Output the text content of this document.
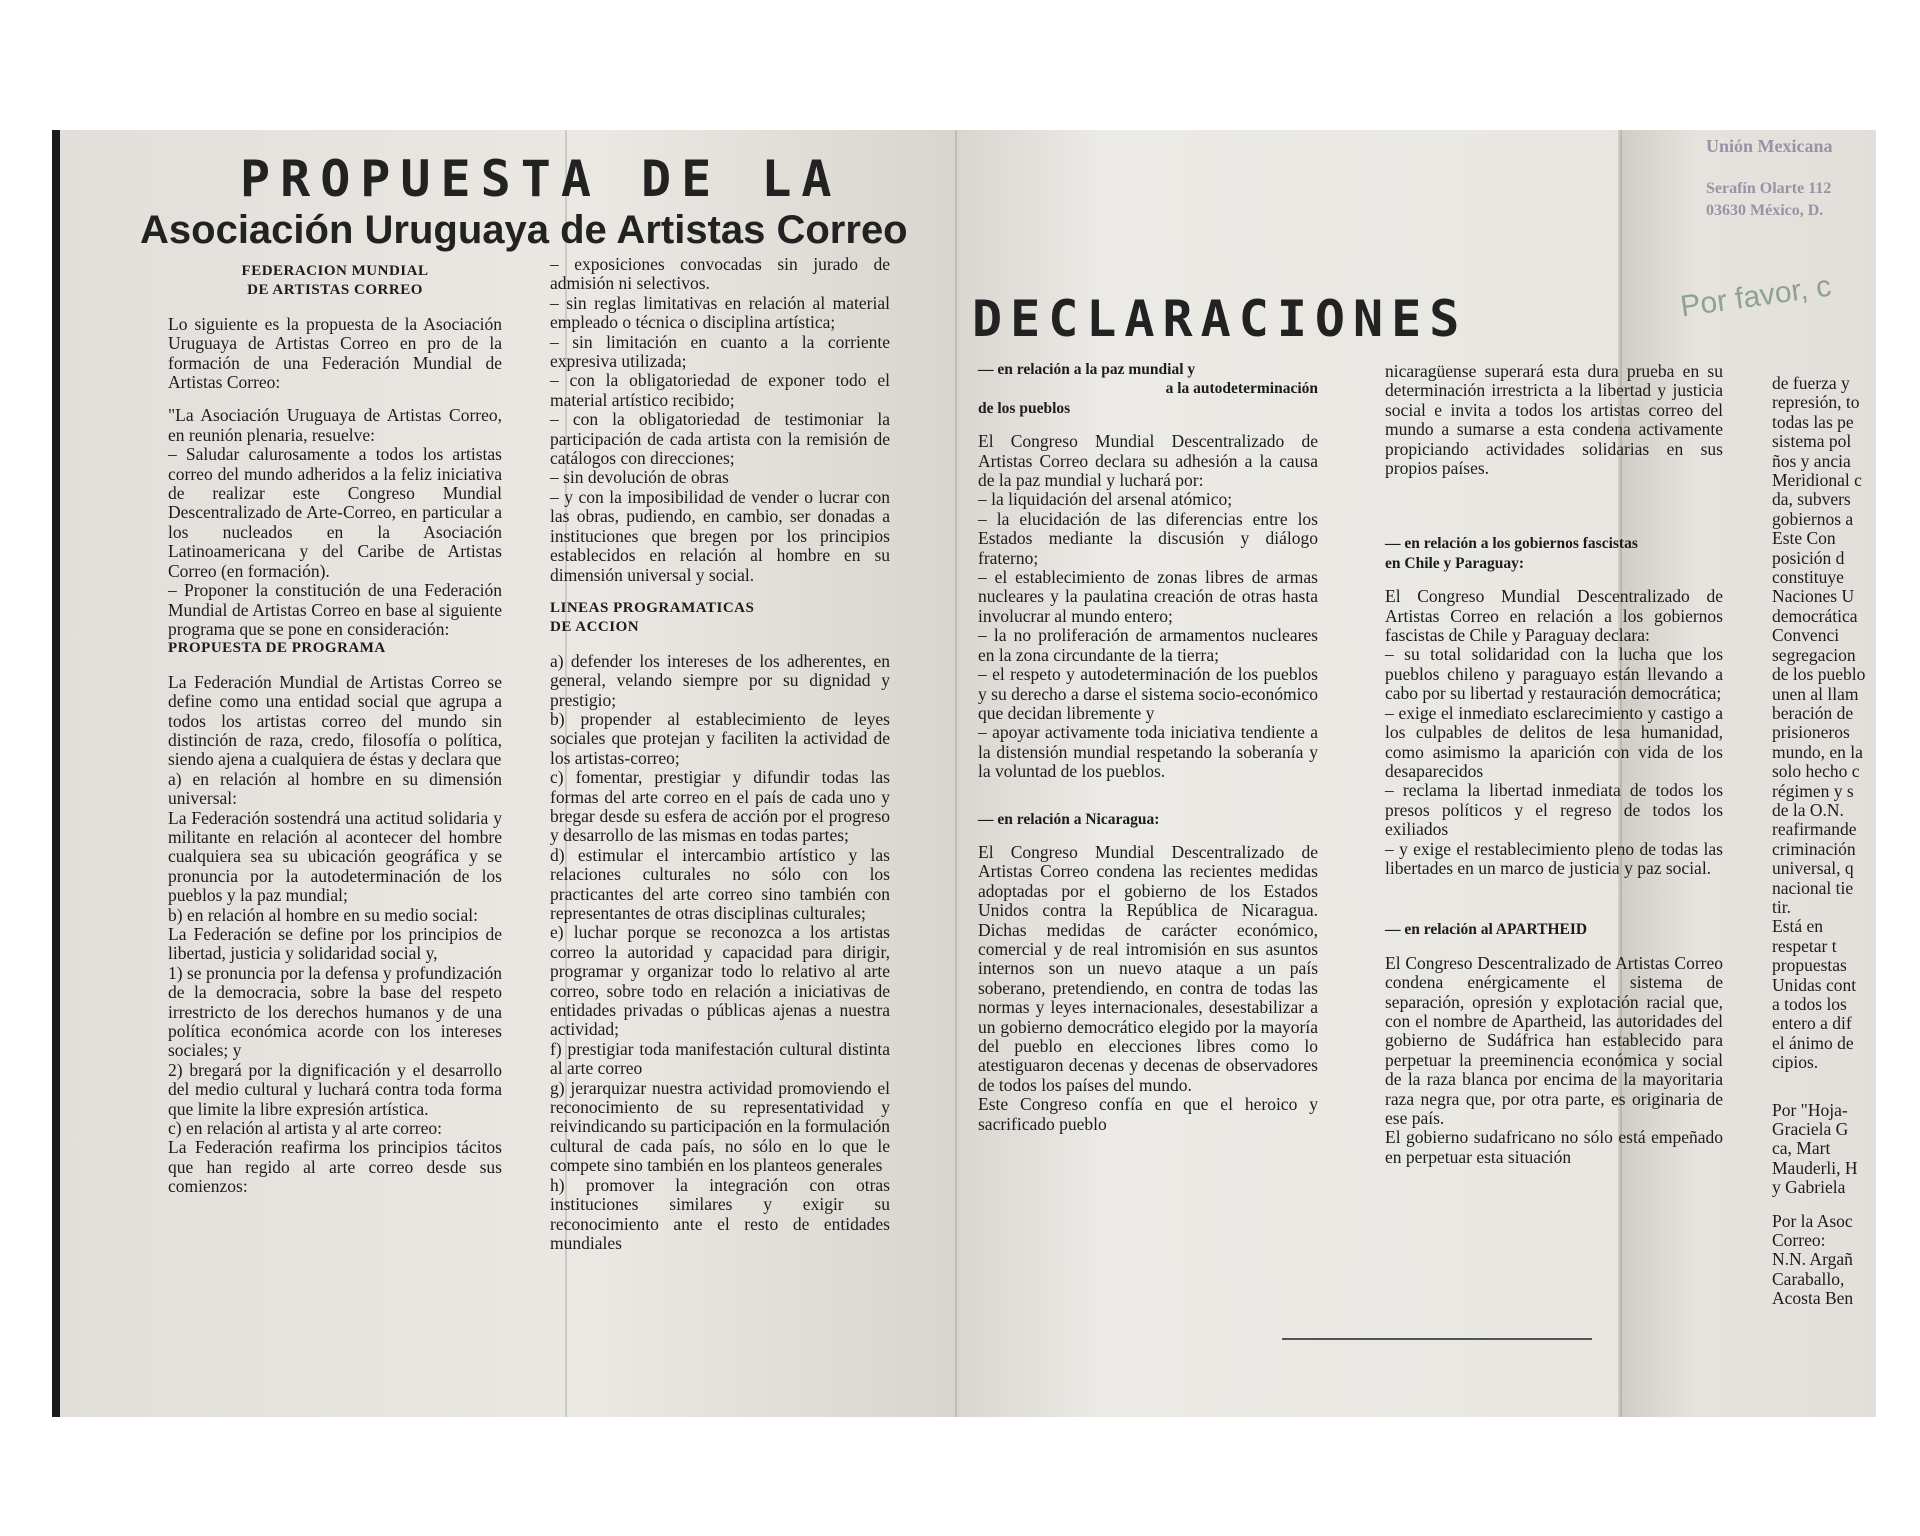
PROPUESTA DE LA
Asociación Uruguaya de Artistas Correo
DECLARACIONES

FEDERACION MUNDIAL

DE ARTISTAS CORREO

Lo siguiente es la propuesta de la Asociación Uruguaya de Artistas Correo en pro de la formación de una Federación Mundial de Artistas Correo:

"La Asociación Uruguaya de Artistas Correo, en reunión plenaria, resuelve:

– Saludar calurosamente a todos los artistas correo del mundo adheridos a la feliz iniciativa de realizar este Congreso Mundial Descentralizado de Arte-Correo, en particular a los nucleados en la Asociación Latinoamericana y del Caribe de Artistas Correo (en formación).

– Proponer la constitución de una Federación Mundial de Artistas Correo en base al siguiente programa que se pone en consideración:

PROPUESTA DE PROGRAMA

La Federación Mundial de Artistas Correo se define como una entidad social que agrupa a todos los artistas correo del mundo sin distinción de raza, credo, filosofía o política, siendo ajena a cualquiera de éstas y declara que

a) en relación al hombre en su dimensión universal:

La Federación sostendrá una actitud solidaria y militante en relación al acontecer del hombre cualquiera sea su ubicación geográfica y se pronuncia por la autodeterminación de los pueblos y la paz mundial;

b) en relación al hombre en su medio social:

La Federación se define por los principios de libertad, justicia y solidaridad social y,

1) se pronuncia por la defensa y profundización de la democracia, sobre la base del respeto irrestricto de los derechos humanos y de una política económica acorde con los intereses sociales; y

2) bregará por la dignificación y el desarrollo del medio cultural y luchará contra toda forma que limite la libre expresión artística.

c) en relación al artista y al arte correo:

La Federación reafirma los principios tácitos que han regido al arte correo desde sus comienzos:

– exposiciones convocadas sin jurado de admisión ni selectivos.

– sin reglas limitativas en relación al material empleado o técnica o disciplina artística;

– sin limitación en cuanto a la corriente expresiva utilizada;

– con la obligatoriedad de exponer todo el material artístico recibido;

– con la obligatoriedad de testimoniar la participación de cada artista con la remisión de catálogos con direcciones;

– sin devolución de obras

– y con la imposibilidad de vender o lucrar con las obras, pudiendo, en cambio, ser donadas a instituciones que bregen por los principios establecidos en relación al hombre en su dimensión universal y social.

LINEAS PROGRAMATICAS

DE ACCION

a) defender los intereses de los adherentes, en general, velando siempre por su dignidad y prestigio;

b) propender al establecimiento de leyes sociales que protejan y faciliten la actividad de los artistas-correo;

c) fomentar, prestigiar y difundir todas las formas del arte correo en el país de cada uno y bregar desde su esfera de acción por el progreso y desarrollo de las mismas en todas partes;

d) estimular el intercambio artístico y las relaciones culturales no sólo con los practicantes del arte correo sino también con representantes de otras disciplinas culturales;

e) luchar porque se reconozca a los artistas correo la autoridad y capacidad para dirigir, programar y organizar todo lo relativo al arte correo, sobre todo en relación a iniciativas de entidades privadas o públicas ajenas a nuestra actividad;

f) prestigiar toda manifestación cultural distinta al arte correo

g) jerarquizar nuestra actividad promoviendo el reconocimiento de su representatividad y reivindicando su participación en la formulación cultural de cada país, no sólo en lo que le compete sino también en los planteos generales

h) promover la integración con otras instituciones similares y exigir su reconocimiento ante el resto de entidades mundiales

— en relación a la paz mundial y

a la autodeterminación

de los pueblos

El Congreso Mundial Descentralizado de Artistas Correo declara su adhesión a la causa de la paz mundial y luchará por:

– la liquidación del arsenal atómico;

– la elucidación de las diferencias entre los Estados mediante la discusión y diálogo fraterno;

– el establecimiento de zonas libres de armas nucleares y la paulatina creación de otras hasta involucrar al mundo entero;

– la no proliferación de armamentos nucleares en la zona circundante de la tierra;

– el respeto y autodeterminación de los pueblos y su derecho a darse el sistema socio-económico que decidan libremente y

– apoyar activamente toda iniciativa tendiente a la distensión mundial respetando la soberanía y la voluntad de los pueblos.

— en relación a Nicaragua:

El Congreso Mundial Descentralizado de Artistas Correo condena las recientes medidas adoptadas por el gobierno de los Estados Unidos contra la República de Nicaragua. Dichas medidas de carácter económico, comercial y de real intromisión en sus asuntos internos son un nuevo ataque a un país soberano, pretendiendo, en contra de todas las normas y leyes internacionales, desestabilizar a un gobierno democrático elegido por la mayoría del pueblo en elecciones libres como lo atestiguaron decenas y decenas de observadores de todos los países del mundo.

Este Congreso confía en que el heroico y sacrificado pueblo

nicaragüense superará esta dura prueba en su determinación irrestricta a la libertad y justicia social e invita a todos los artistas correo del mundo a sumarse a esta condena activamente propiciando actividades solidarias en sus propios países.

— en relación a los gobiernos fascistas

en Chile y Paraguay:

El Congreso Mundial Descentralizado de Artistas Correo en relación a los gobiernos fascistas de Chile y Paraguay declara:

– su total solidaridad con la lucha que los pueblos chileno y paraguayo están llevando a cabo por su libertad y restauración democrática;

– exige el inmediato esclarecimiento y castigo a los culpables de delitos de lesa humanidad, como asimismo la aparición con vida de los desaparecidos

– reclama la libertad inmediata de todos los presos políticos y el regreso de todos los exiliados

– y exige el restablecimiento pleno de todas las libertades en un marco de justicia y paz social.

— en relación al APARTHEID

El Congreso Descentralizado de Artistas Correo condena enérgicamente el sistema de separación, opresión y explotación racial que, con el nombre de Apartheid, las autoridades del gobierno de Sudáfrica han establecido para perpetuar la preeminencia económica y social de la raza blanca por encima de la mayoritaria raza negra que, por otra parte, es originaria de ese país.

El gobierno sudafricano no sólo está empeñado en perpetuar esta situación

de fuerza y

represión, to

todas las pe

sistema pol

ños y ancia

Meridional c

da, subvers

gobiernos a

Este Con

posición d

constituye

Naciones U

democrática

Convenci

segregacion

de los pueblo

unen al llam

beración de

prisioneros

mundo, en la

solo hecho c

régimen y s

de la O.N.

reafirmande

criminación

universal, q

nacional tie

tir.

Está en

respetar t

propuestas

Unidas cont

a todos los

entero a dif

el ánimo de

cipios.

Por "Hoja-

Graciela G

ca, Mart

Mauderli, H

y Gabriela

Por la Asoc

Correo:

N.N. Argañ

Caraballo,

Acosta Ben

Unión Mexicana
Serafín Olarte 112
03630 México, D.
Por favor, c
